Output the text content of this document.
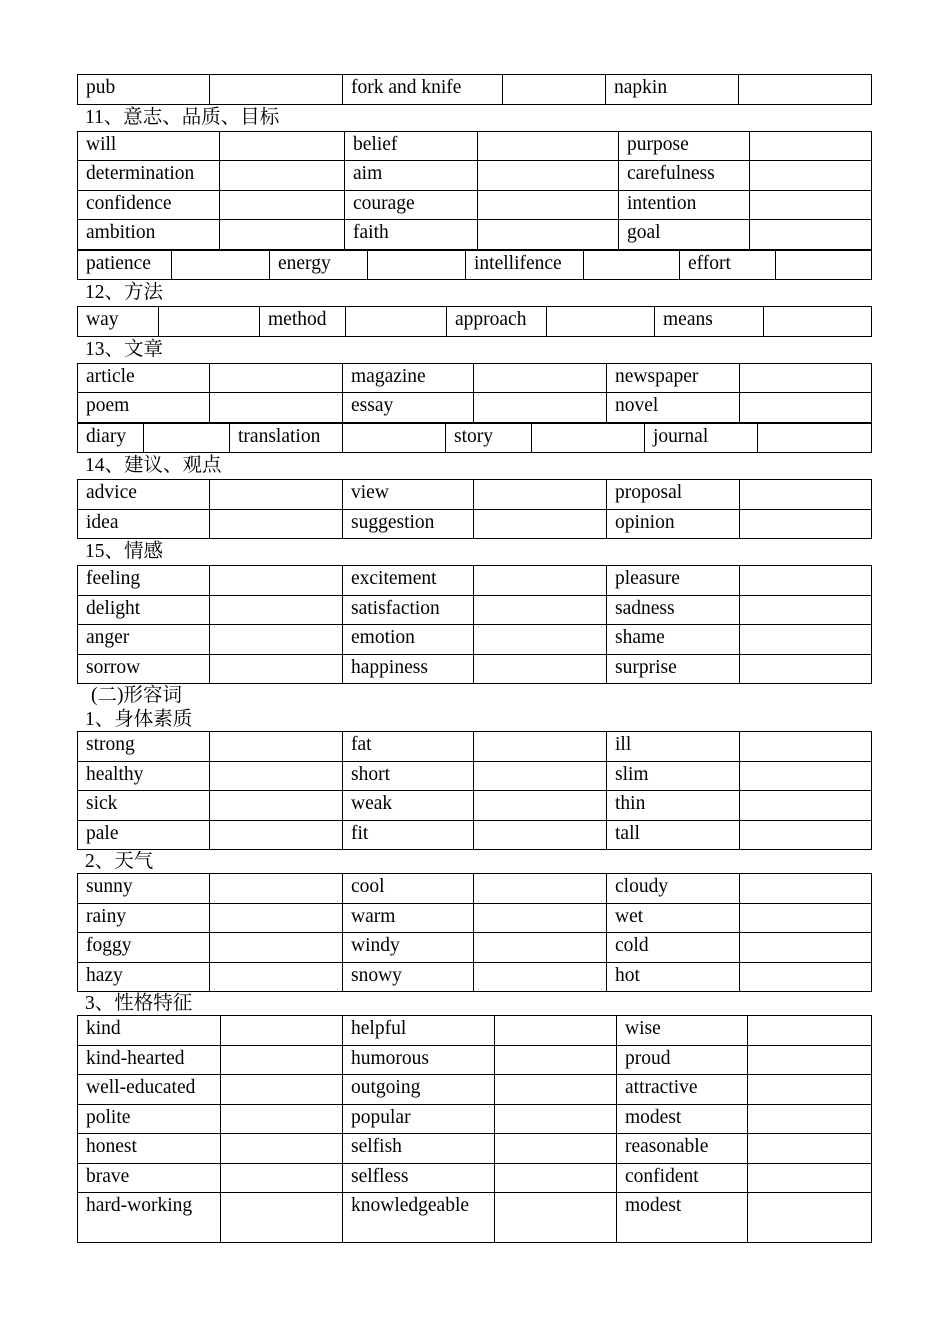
pub		fork and knife		napkin	
11、意志、品质、目标
will		belief		purpose	
determination		aim		carefulness	
confidence		courage		intention	
ambition		faith		goal	
patience		energy		intellifence		effort	
12、方法
way		method		approach		means	
13、文章
article		magazine		newspaper	
poem		essay		novel	
diary		translation		story		journal	
14、建议、观点
advice		view		proposal	
idea		suggestion		opinion	
15、情感
feeling		excitement		pleasure	
delight		satisfaction		sadness	
anger		emotion		shame	
sorrow		happiness		surprise	
(二)形容词
1、身体素质
strong		fat		ill	
healthy		short		slim	
sick		weak		thin	
pale		fit		tall	
2、天气
sunny		cool		cloudy	
rainy		warm		wet	
foggy		windy		cold	
hazy		snowy		hot	
3、性格特征
kind		helpful		wise	
kind-hearted		humorous		proud	
well-educated		outgoing		attractive	
polite		popular		modest	
honest		selfish		reasonable	
brave		selfless		confident	
hard-working		knowledgeable		modest	
